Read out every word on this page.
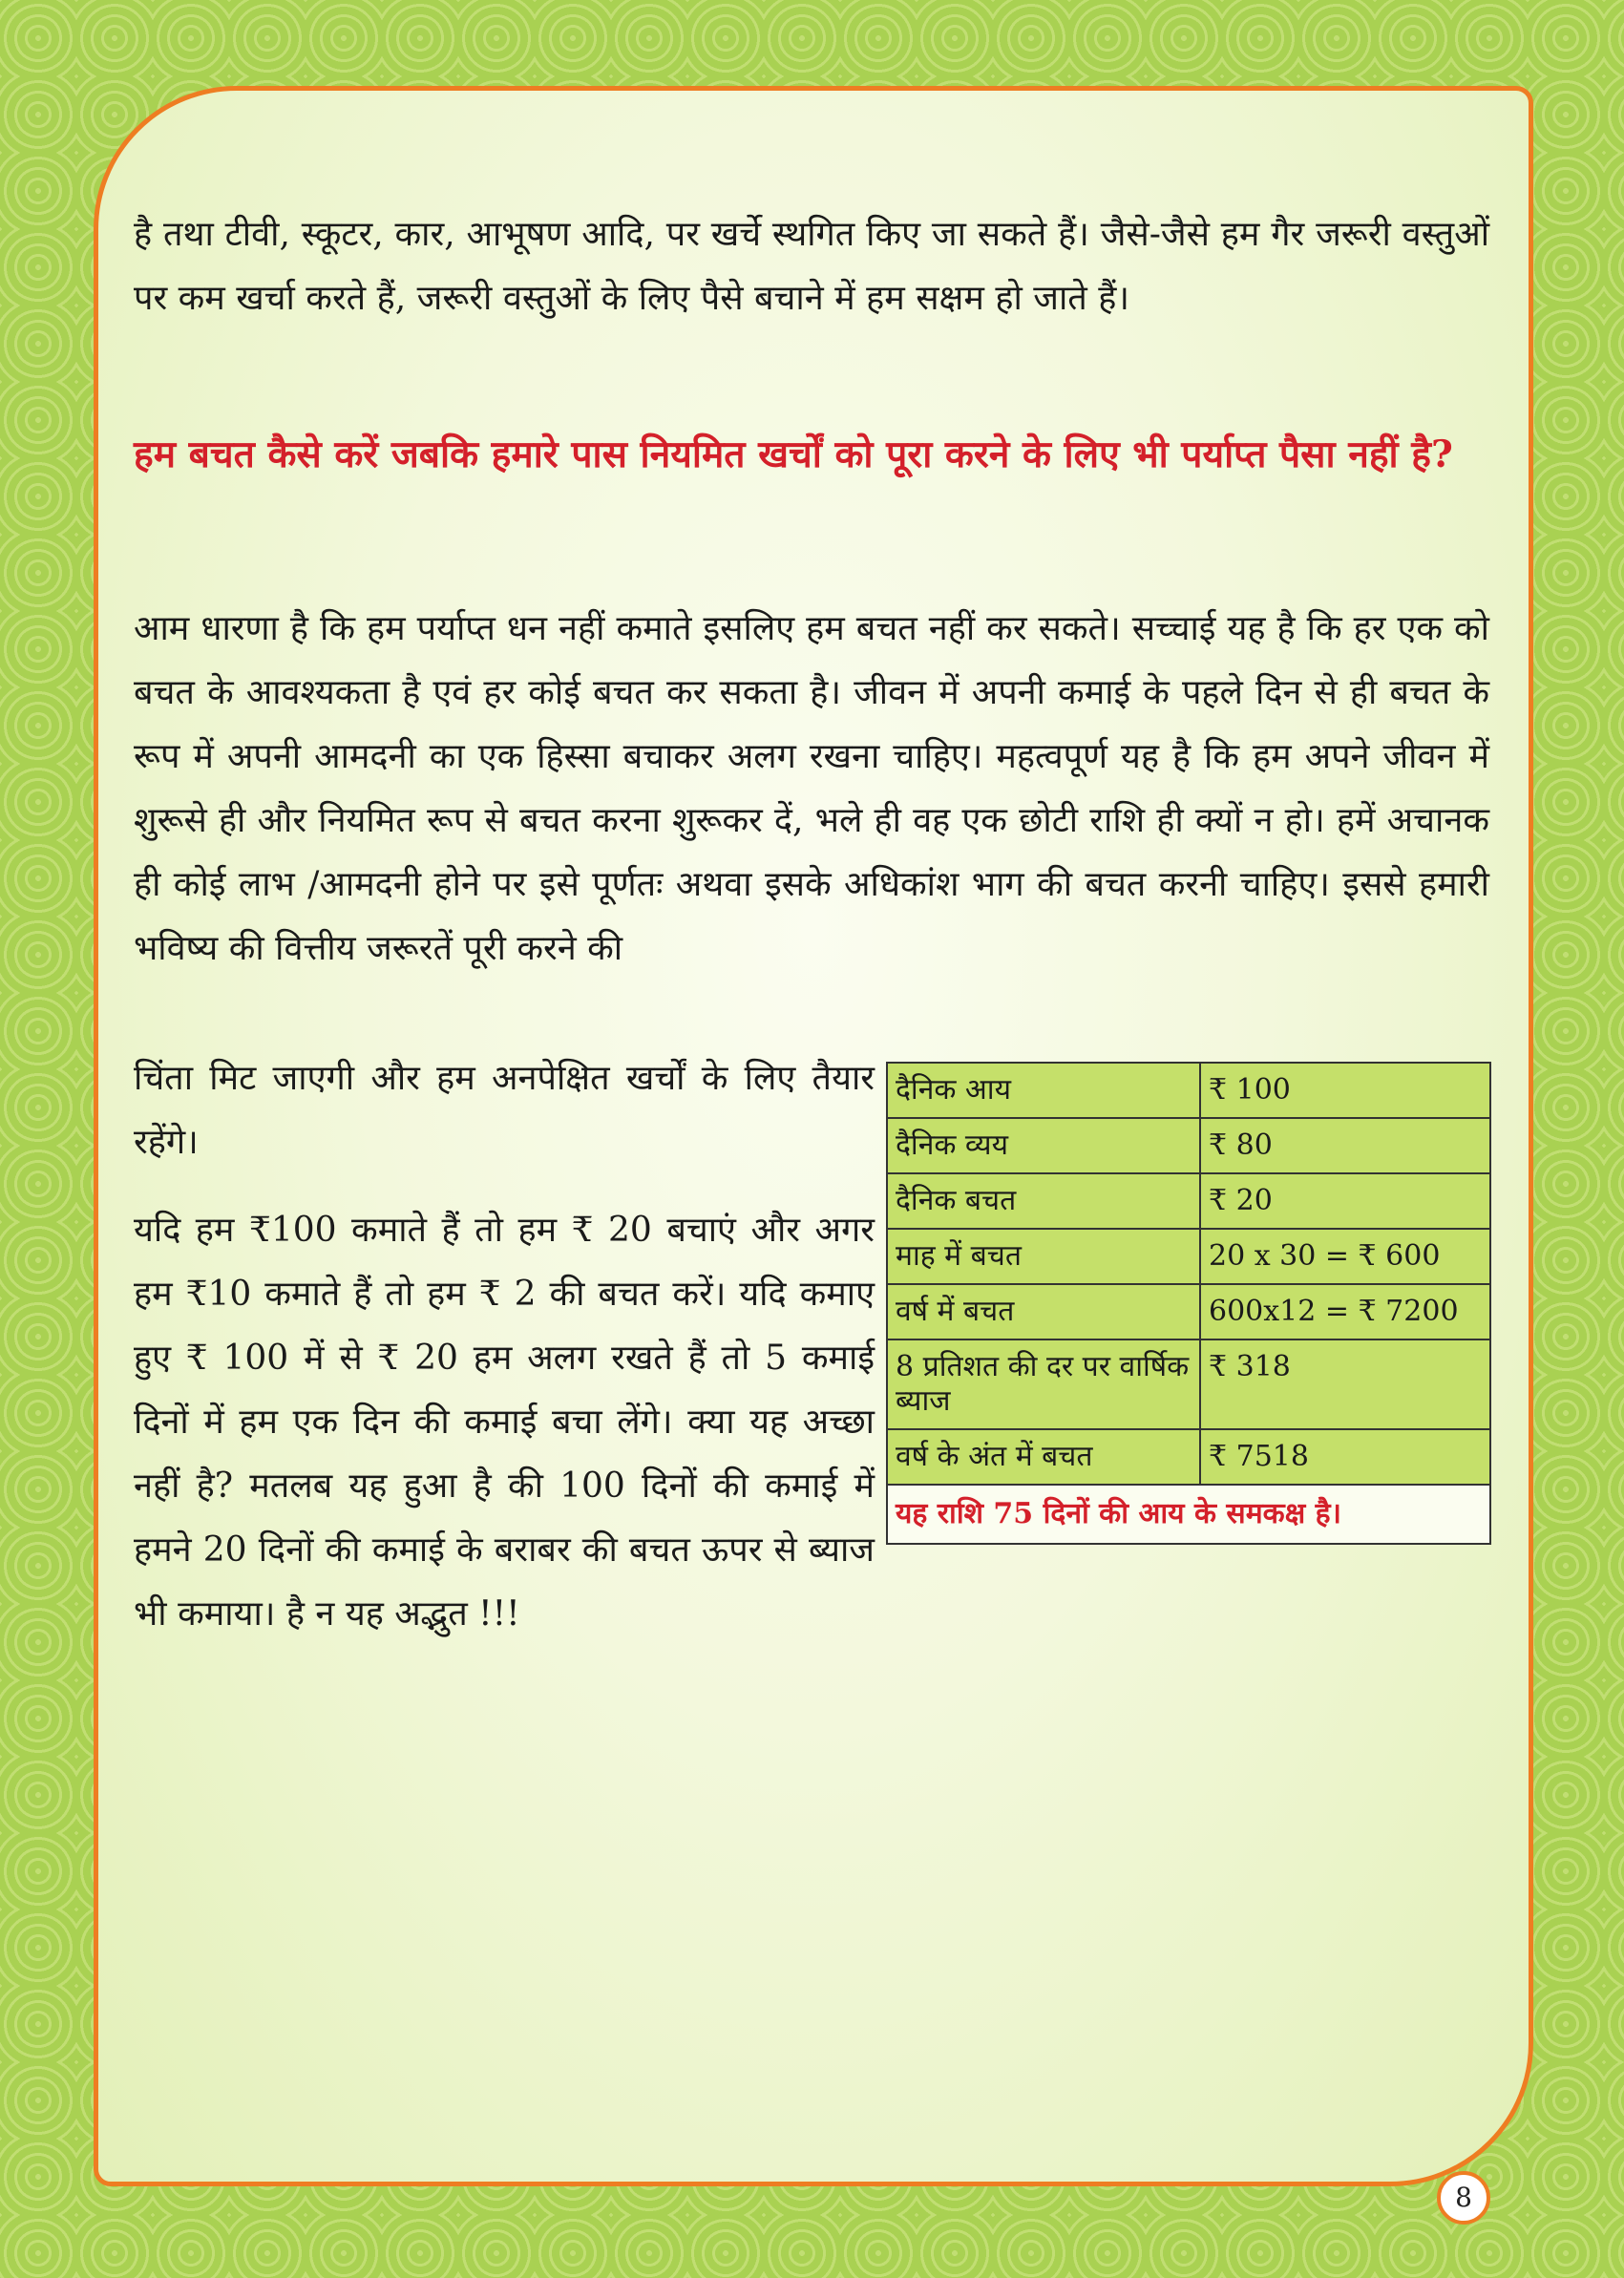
है तथा टीवी, स्कूटर, कार, आभूषण आदि, पर खर्चे स्थगित किए जा सकते हैं। जैसे-जैसे हम गैर जरूरी वस्तुओं पर कम खर्चा करते हैं, जरूरी वस्तुओं के लिए पैसे बचाने में हम सक्षम हो जाते हैं।

हम बचत कैसे करें जबकि हमारे पास नियमित खर्चों को पूरा करने के लिए भी पर्याप्त पैसा नहीं है?

आम धारणा है कि हम पर्याप्त धन नहीं कमाते इसलिए हम बचत नहीं कर सकते। सच्चाई यह है कि हर एक को बचत के आवश्यकता है एवं हर कोई बचत कर सकता है। जीवन में अपनी कमाई के पहले दिन से ही बचत के रूप में अपनी आमदनी का एक हिस्सा बचाकर अलग रखना चाहिए। महत्वपूर्ण यह है कि हम अपने जीवन में शुरूसे ही और नियमित रूप से बचत करना शुरूकर दें, भले ही वह एक छोटी राशि ही क्यों न हो। हमें अचानक ही कोई लाभ /आमदनी होने पर इसे पूर्णतः अथवा इसके अधिकांश भाग की बचत करनी चाहिए। इससे हमारी भविष्य की वित्तीय जरूरतें पूरी करने की

चिंता मिट जाएगी और हम अनपेक्षित खर्चों के लिए तैयार रहेंगे।

यदि हम ₹100 कमाते हैं तो हम ₹ 20 बचाएं और अगर हम ₹10 कमाते हैं तो हम ₹ 2 की बचत करें। यदि कमाए हुए ₹ 100 में से ₹ 20 हम अलग रखते हैं तो 5 कमाई दिनों में हम एक दिन की कमाई बचा लेंगे। क्या यह अच्छा नहीं है? मतलब यह हुआ है की 100 दिनों की कमाई में हमने 20 दिनों की कमाई के बराबर की बचत ऊपर से ब्याज भी कमाया। है न यह अद्भुत !!!

दैनिक आय	₹ 100
दैनिक व्यय	₹ 80
दैनिक बचत	₹ 20
माह में बचत	20 x 30 = ₹ 600
वर्ष में बचत	600x12 = ₹ 7200
8 प्रतिशत की दर पर वार्षिक ब्याज	₹ 318
वर्ष के अंत में बचत	₹ 7518
यह राशि 75 दिनों की आय के समकक्ष है।	
8
